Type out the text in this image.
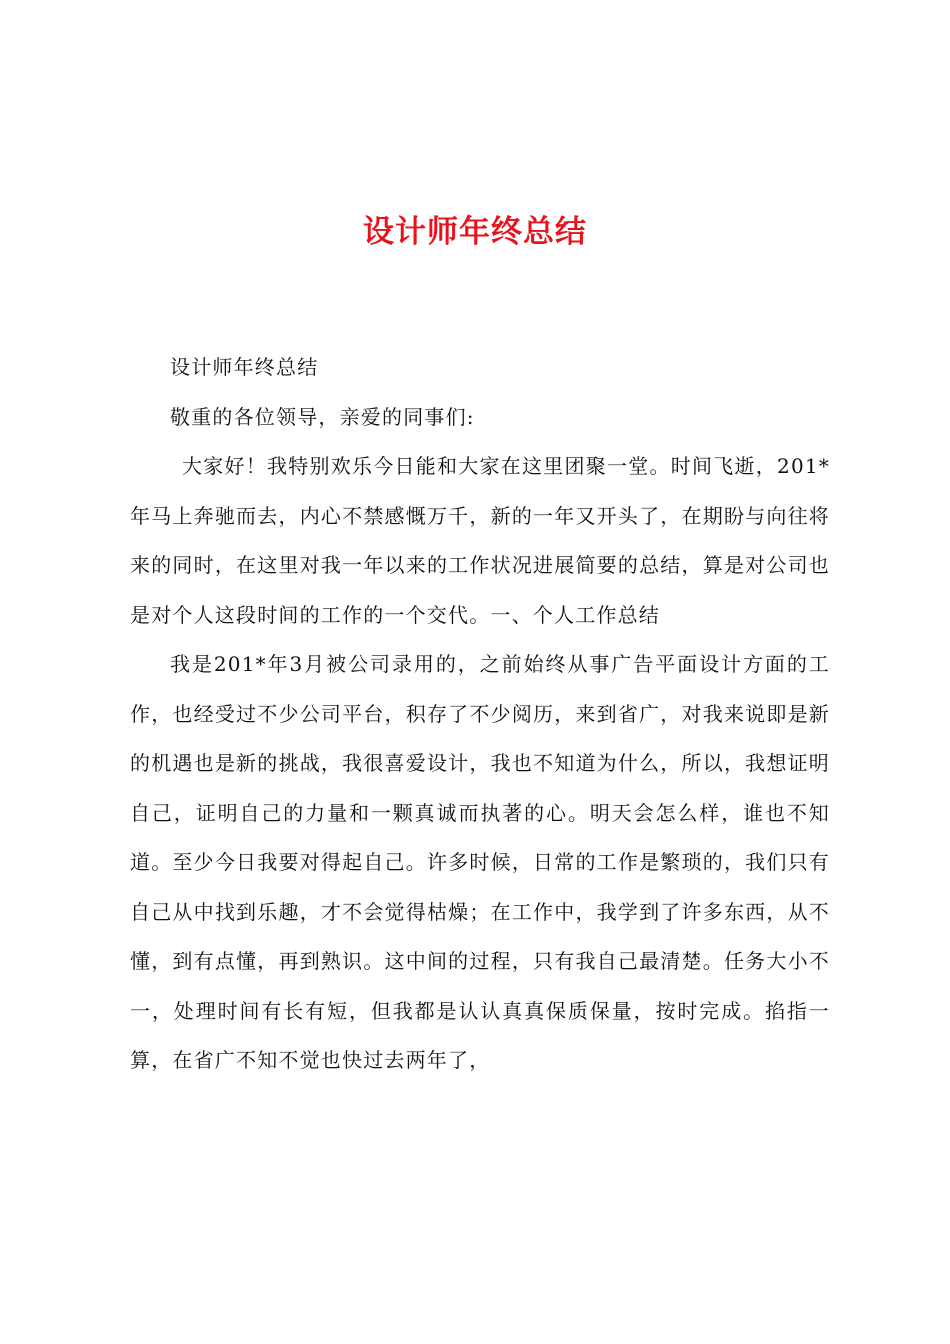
设计师年终总结

设计师年终总结

敬重的各位领导，亲爱的同事们:

大家好！我特别欢乐今日能和大家在这里团聚一堂。时间飞逝，201*年马上奔驰而去，内心不禁感慨万千，新的一年又开头了，在期盼与向往将来的同时，在这里对我一年以来的工作状况进展简要的总结，算是对公司也是对个人这段时间的工作的一个交代。一、个人工作总结

我是201*年3月被公司录用的，之前始终从事广告平面设计方面的工作，也经受过不少公司平台，积存了不少阅历，来到省广，对我来说即是新的机遇也是新的挑战，我很喜爱设计，我也不知道为什么，所以，我想证明自己，证明自己的力量和一颗真诚而执著的心。明天会怎么样，谁也不知道。至少今日我要对得起自己。许多时候，日常的工作是繁琐的，我们只有自己从中找到乐趣，才不会觉得枯燥；在工作中，我学到了许多东西，从不懂，到有点懂，再到熟识。这中间的过程，只有我自己最清楚。任务大小不一，处理时间有长有短，但我都是认认真真保质保量，按时完成。掐指一算，在省广不知不觉也快过去两年了，
